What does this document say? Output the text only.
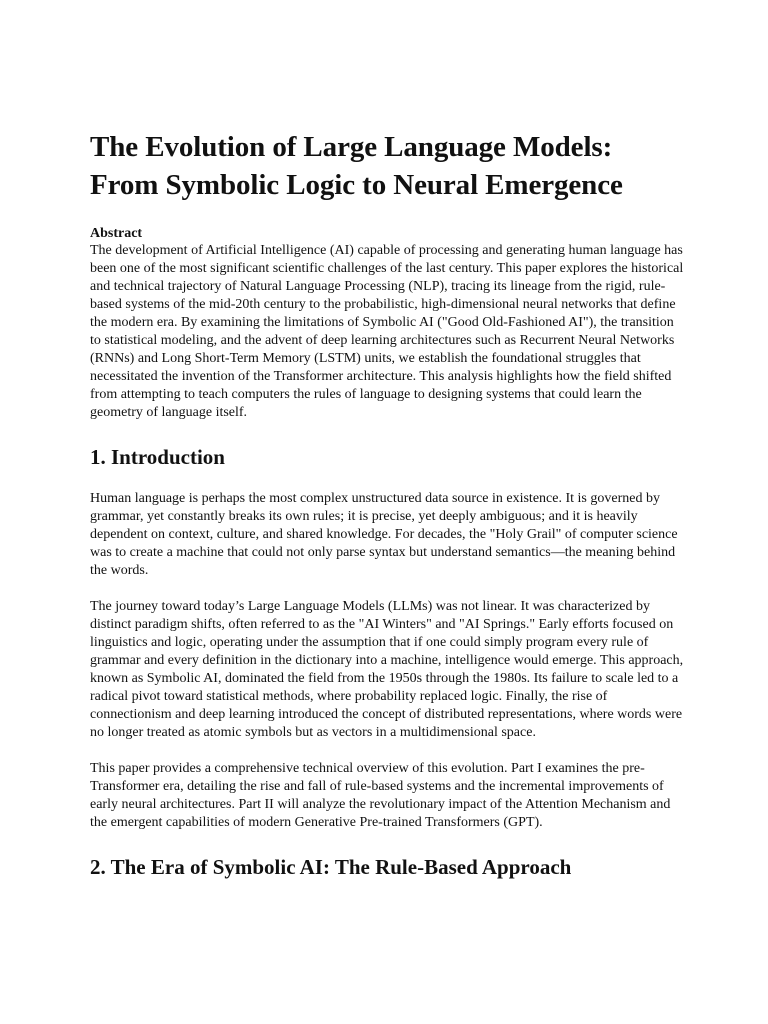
The Evolution of Large Language Models:
From Symbolic Logic to Neural Emergence
Abstract

The development of Artificial Intelligence (AI) capable of processing and generating human language has been one of the most significant scientific challenges of the last century. This paper explores the historical and technical trajectory of Natural Language Processing (NLP), tracing its lineage from the rigid, rule-based systems of the mid-20th century to the probabilistic, high-dimensional neural networks that define the modern era. By examining the limitations of Symbolic AI ("Good Old-Fashioned AI"), the transition to statistical modeling, and the advent of deep learning architectures such as Recurrent Neural Networks (RNNs) and Long Short-Term Memory (LSTM) units, we establish the foundational struggles that necessitated the invention of the Transformer architecture. This analysis highlights how the field shifted from attempting to teach computers the rules of language to designing systems that could learn the geometry of language itself.

1. Introduction

Human language is perhaps the most complex unstructured data source in existence. It is governed by grammar, yet constantly breaks its own rules; it is precise, yet deeply ambiguous; and it is heavily dependent on context, culture, and shared knowledge. For decades, the "Holy Grail" of computer science was to create a machine that could not only parse syntax but understand semantics—the meaning behind the words.

The journey toward today’s Large Language Models (LLMs) was not linear. It was characterized by distinct paradigm shifts, often referred to as the "AI Winters" and "AI Springs." Early efforts focused on linguistics and logic, operating under the assumption that if one could simply program every rule of grammar and every definition in the dictionary into a machine, intelligence would emerge. This approach, known as Symbolic AI, dominated the field from the 1950s through the 1980s. Its failure to scale led to a radical pivot toward statistical methods, where probability replaced logic. Finally, the rise of connectionism and deep learning introduced the concept of distributed representations, where words were no longer treated as atomic symbols but as vectors in a multidimensional space.

This paper provides a comprehensive technical overview of this evolution. Part I examines the pre-Transformer era, detailing the rise and fall of rule-based systems and the incremental improvements of early neural architectures. Part II will analyze the revolutionary impact of the Attention Mechanism and the emergent capabilities of modern Generative Pre-trained Transformers (GPT).

2. The Era of Symbolic AI: The Rule-Based Approach
